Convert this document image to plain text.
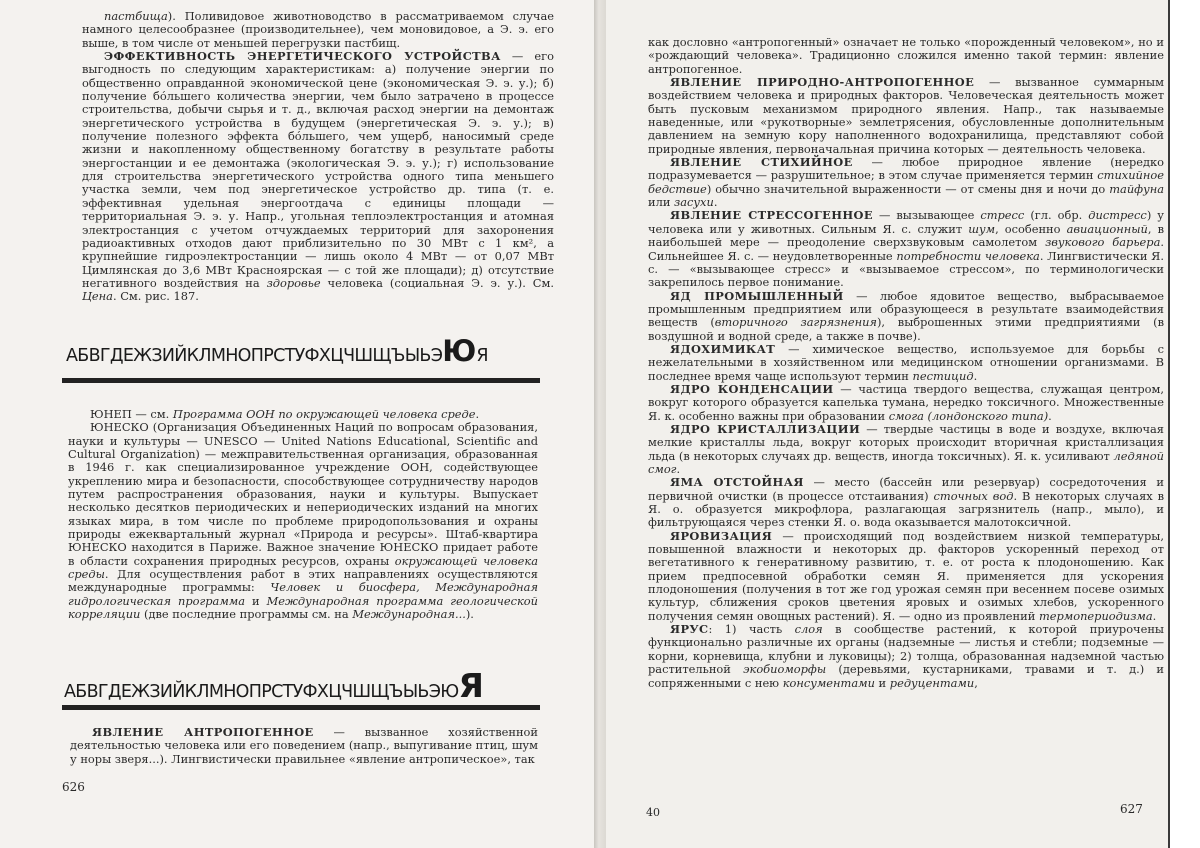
пастбища). Поливидовое животноводство в рассматриваемом случае намного целесообразнее (производительнее), чем моновидовое, а Э. э. его выше, в том числе от меньшей перегрузки пастбищ.

ЭФФЕКТИВНОСТЬ ЭНЕРГЕТИЧЕСКОГО УСТРОЙСТВА — его выгодность по следующим характеристикам: а) получение энергии по общественно оправданной экономической цене (экономическая Э. э. у.); б) получение бо́льшего количества энергии, чем было затрачено в процессе строительства, добычи сырья и т. д., включая расход энергии на демонтаж энергетического устройства в будущем (энергетическая Э. э. у.); в) получение полезного эффекта бо́льшего, чем ущерб, наносимый среде жизни и накопленному общественному богатству в результате работы энергостанции и ее демонтажа (экологическая Э. э. у.); г) использование для строительства энергетического устройства одного типа меньшего участка земли, чем под энергетическое устройство др. типа (т. е. эффективная удельная энергоотдача с единицы площади — территориальная Э. э. у. Напр., угольная теплоэлектростанция и атомная электростанция с учетом отчуждаемых территорий для захоронения радиоактивных отходов дают приблизительно по 30 МВт с 1 км², а крупнейшие гидроэлектростанции — лишь около 4 МВт — от 0,07 МВт Цимлянская до 3,6 МВт Красноярская — с той же площади); д) отсутствие негативного воздействия на здоровье человека (социальная Э. э. у.). См. Цена. См. рис. 187.

АБВГДЕЖЗИЙКЛМНОПРСТУФХЦЧШЩЪЫЬЭЮЯ

ЮНЕП — см. Программа ООН по окружающей человека среде.

ЮНЕСКО (Организация Объединенных Наций по вопросам образования, науки и культуры — UNESCO — United Nations Educational, Scientific and Cultural Organization) — межправительственная организация, образованная в 1946 г. как специализированное учреждение ООН, содействующее укреплению мира и безопасности, способствующее сотрудничеству народов путем распространения образования, науки и культуры. Выпускает несколько десятков периодических и непериодических изданий на многих языках мира, в том числе по проблеме природопользования и охраны природы ежеквартальный журнал «Природа и ресурсы». Штаб-квартира ЮНЕСКО находится в Париже. Важное значение ЮНЕСКО придает работе в области сохранения природных ресурсов, охраны окружающей человека среды. Для осуществления работ в этих направлениях осуществляются международные программы: Человек и биосфера, Международная гидрологическая программа и Международная программа геологической корреляции (две последние программы см. на Международная...).

АБВГДЕЖЗИЙКЛМНОПРСТУФХЦЧШЩЪЫЬЭЮЯ

ЯВЛЕНИЕ АНТРОПОГЕННОЕ — вызванное хозяйственной деятельностью человека или его поведением (напр., выпугивание птиц, шум у норы зверя...). Лингвистически правильнее «явление антропическое», так

626

как дословно «антропогенный» означает не только «порожденный человеком», но и «рождающий человека». Традиционно сложился именно такой термин: явление антропогенное.

ЯВЛЕНИЕ ПРИРОДНО-АНТРОПОГЕННОЕ — вызванное суммарным воздействием человека и природных факторов. Человеческая деятельность может быть пусковым механизмом природного явления. Напр., так называемые наведенные, или «рукотворные» землетрясения, обусловленные дополнительным давлением на земную кору наполненного водохранилища, представляют собой природные явления, первоначальная причина которых — деятельность человека.

ЯВЛЕНИЕ СТИХИЙНОЕ — любое природное явление (нередко подразумевается — разрушительное; в этом случае применяется термин стихийное бедствие) обычно значительной выраженности — от смены дня и ночи до тайфуна или засухи.

ЯВЛЕНИЕ СТРЕССОГЕННОЕ — вызывающее стресс (гл. обр. дистресс) у человека или у животных. Сильным Я. с. служит шум, особенно авиационный, в наибольшей мере — преодоление сверхзвуковым самолетом звукового барьера. Сильнейшее Я. с. — неудовлетворенные потребности человека. Лингвистически Я. с. — «вызывающее стресс» и «вызываемое стрессом», по терминологически закрепилось первое понимание.

ЯД ПРОМЫШЛЕННЫЙ — любое ядовитое вещество, выбрасываемое промышленным предприятием или образующееся в результате взаимодействия веществ (вторичного загрязнения), выброшенных этими предприятиями (в воздушной и водной среде, а также в почве).

ЯДОХИМИКАТ — химическое вещество, используемое для борьбы с нежелательными в хозяйственном или медицинском отношении организмами. В последнее время чаще используют термин пестицид.

ЯДРО КОНДЕНСАЦИИ — частица твердого вещества, служащая центром, вокруг которого образуется капелька тумана, нередко токсичного. Множественные Я. к. особенно важны при образовании смога (лондонского типа).

ЯДРО КРИСТАЛЛИЗАЦИИ — твердые частицы в воде и воздухе, включая мелкие кристаллы льда, вокруг которых происходит вторичная кристаллизация льда (в некоторых случаях др. веществ, иногда токсичных). Я. к. усиливают ледяной смог.

ЯМА ОТСТОЙНАЯ — место (бассейн или резервуар) сосредоточения и первичной очистки (в процессе отстаивания) сточных вод. В некоторых случаях в Я. о. образуется микрофлора, разлагающая загрязнитель (напр., мыло), и фильтрующаяся через стенки Я. о. вода оказывается малотоксичной.

ЯРОВИЗАЦИЯ — происходящий под воздействием низкой температуры, повышенной влажности и некоторых др. факторов ускоренный переход от вегетативного к генеративному развитию, т. е. от роста к плодоношению. Как прием предпосевной обработки семян Я. применяется для ускорения плодоношения (получения в тот же год урожая семян при весеннем посеве озимых культур, сближения сроков цветения яровых и озимых хлебов, ускоренного получения семян овощных растений). Я. — одно из проявлений термопериодизма.

ЯРУС: 1) часть слоя в сообществе растений, к которой приурочены функционально различные их органы (надземные — листья и стебли; подземные — корни, корневища, клубни и луковицы); 2) толща, образованная надземной частью растительной экобиоморфы (деревьями, кустарниками, травами и т. д.) и сопряженными с нею консументами и редуцентами,

40	627
